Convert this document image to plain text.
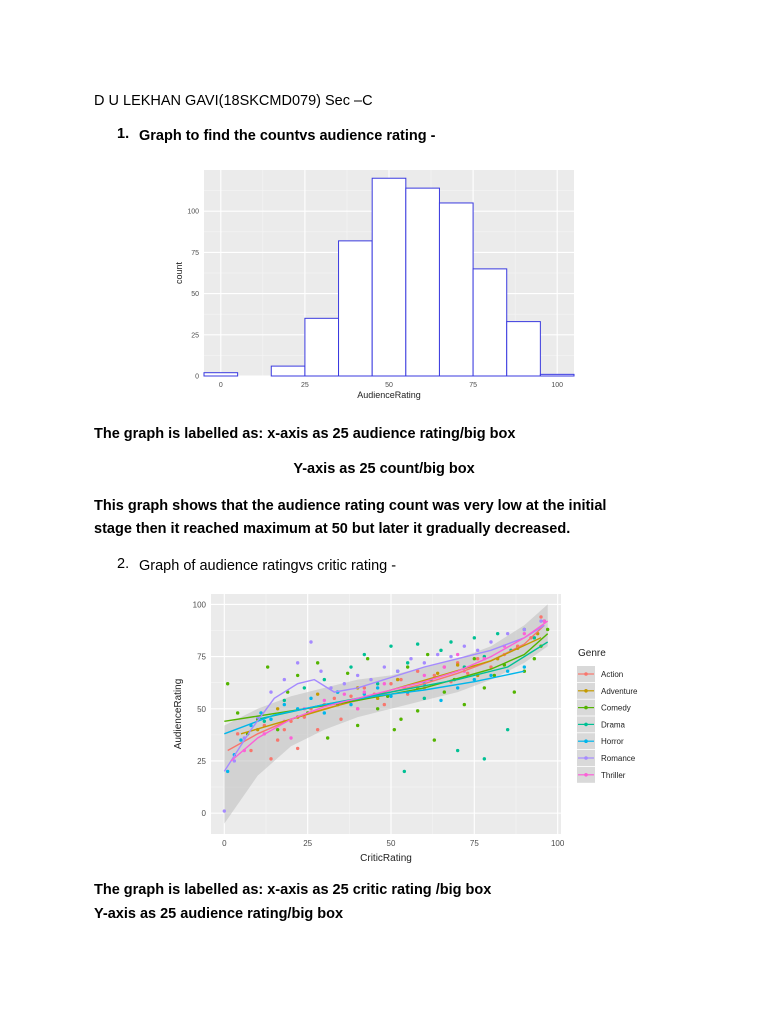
D U LEKHAN GAVI(18SKCMD079) Sec –C
1. Graph to find the countvs audience rating -
0
25
50
75
100
0	25	50	75	100
AudienceRating
count
The graph is labelled as: x-axis as 25 audience rating/big box
Y-axis as 25 count/big box
This graph shows that the audience rating count was very low at the initial
stage then it reached maximum at 50 but later it gradually decreased.
2. Graph of audience ratingvs critic rating -
0
25
50
75
100
0	25	50	75	100
CriticRating
AudienceRating
Genre
Action
Adventure
Comedy
Drama
Horror
Romance
Thriller
The graph is labelled as: x-axis as 25 critic rating /big box
Y-axis as 25 audience rating/big box
